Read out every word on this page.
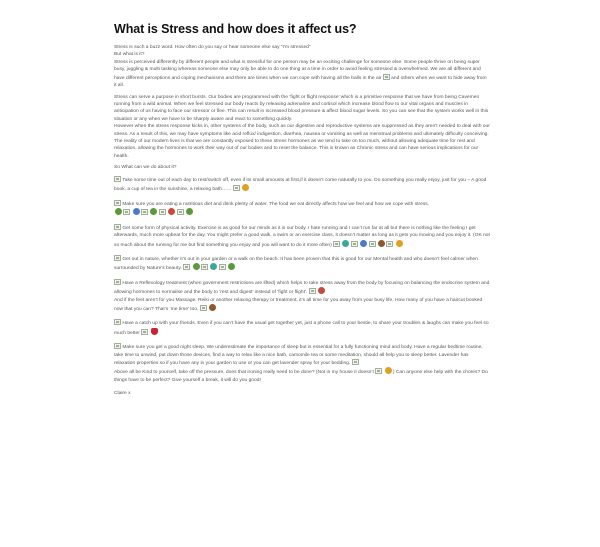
What is Stress and how does it affect us?

Stress is such a buzz word. How often do you say or hear someone else say “I’m stressed”

But what is it?

Stress is perceived differently by different people and what is stressful for one person may be an exciting challenge for someone else. Some people thrive on being super busy, juggling & multi tasking whereas someone else may only be able to do one thing at a time in order to avoid feeling stressed & overwhelmed. We are all different and have different perceptions and coping mechanisms and there are times when we can cope with having all the balls in the air and others when we want to hide away from it all.

Stress can serve a purpose in short bursts. Our bodies are programmed with the ‘fight or flight response’ which is a primitive response that we have from being Cavemen running from a wild animal. When we feel stressed our body reacts by releasing adrenaline and cortisol which increase blood flow to our vital organs and muscles in anticipation of us having to face our stressor or flee. This can result in increased blood pressure & affect blood sugar levels. So you can see that the system works well in this situation or any when we have to be sharply aware and react to something quickly.

However when the stress response kicks in, other systems of the body, such as our digestive and reproductive systems are suppressed as they aren’t needed to deal with our stress. As a result of this, we may have symptoms like acid reflux/ indigestion, diarrhea, nausea or vomiting as well as menstrual problems and ultimately difficulty conceiving.

The reality of our modern lives is that we are constantly exposed to these stress hormones as we tend to take on too much, without allowing adequate time for rest and relaxation, allowing the hormones to work their way out of our bodies and to reset the balance. This is known as Chronic stress and can have serious implications for our health.

So What can we do about it?

Take some time out of each day to rest/switch off, even if its small amounts at first,if it doesn’t come naturally to you. Do something you really enjoy, just for you – A good book, a cup of tea in the sunshine, a relaxing bath……

Make sure you are eating a nutritious diet and drink plenty of water. The food we eat directly affects how we feel and how we cope with stress.

Get some form of physical activity. Exercise is as good for our minds as it is our body. I hate running and I can’t run far at all but there is nothing like the feeling I get afterwards, much more upbeat for the day. You might prefer a good walk, a swim or an exercise class, it doesn’t matter as long as it gets you moving and you enjoy it. (OK not so much about the running for me but find something you enjoy and you will want to do it more often)

Get out in nature, whether it’s out in your garden or a walk on the beach. It has been proven that this is good for our Mental health and who doesn’t feel calmer when surrounded by Nature’s beauty.

Have a Reflexology treatment (when government restrictions are lifted) which helps to take stress away from the body by focusing on balancing the endocrine system and allowing hormones to normalise and the body to ‘rest and digest’ instead of ‘fight or flight’.

And if the feet aren’t for you Massage, Reiki or another relaxing therapy or treatment, it’s all time for you away from your busy life. How many of you have a haircut booked now that you can? That’s ‘me time’ too.

Have a catch up with your friends. Even if you can’t have the usual get together yet, just a phone call to your bestie, to share your troubles & laughs can make you feel so much better

Make sure you get a good night sleep. We underestimate the importance of sleep but is essential for a fully functioning mind and body. Have a regular bedtime routine, take time to unwind, put down those devices, find a way to relax like a nice bath, camomile tea or some meditation, should all help you to sleep better. Lavender has relaxation properties so if you have any in your garden to use or you can get lavender spray for your bedding.

Above all be Kind to yourself, take off the pressure, does that ironing really need to be done? (Not in my house it doesn’t	) Can anyone else help with the chores? Do things have to be perfect? Give yourself a break, it will do you good!

Claire x
